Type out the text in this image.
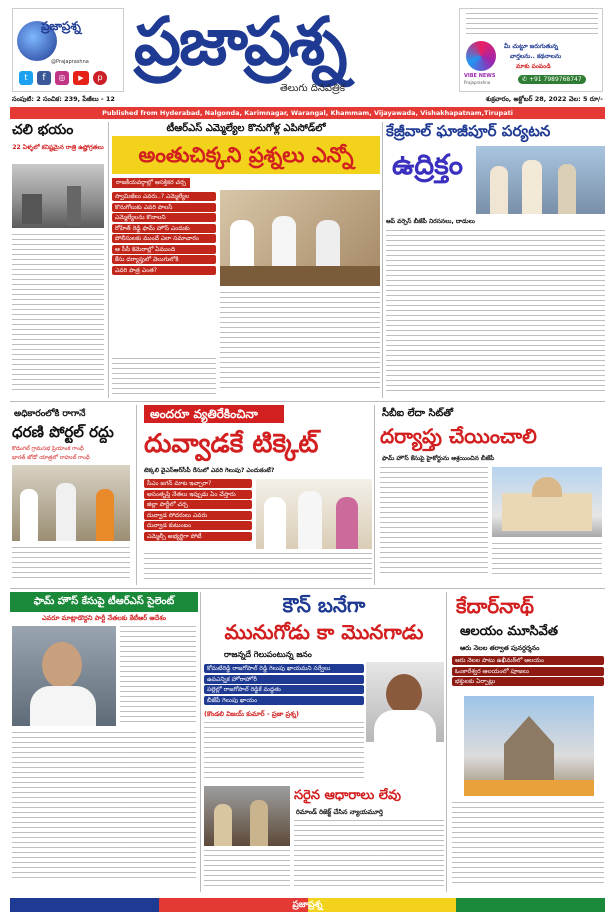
ప్రజాప్రశ్న
@Prajaprashna
t	f	◎	▶	p ప్రజాప్రశ్న
తెలుగు దినపత్రిక
VIBE NEWS
Prajaprashna
మీ చుట్టూ జరుగుతున్న
వార్తలను.. కథనాలను
మాకు పంపండి
✆ +91 7989768747
సంపుటి: 2 సంచిక: 239, పేజీలు - 12	శుక్రవారం, అక్టోబర్ 28, 2022 వెల: 5 రూ/-
Published from Hyderabad, Nalgonda, Karimnagar, Warangal, Khammam, Vijayawada, Vishakhapatnam,Tirupati
చలి భయం
22 ఏళ్ళలో కనిష్టమైన రాత్రి ఉష్ణోగ్రతలు
టీఆర్ఎస్ ఎమ్మెల్యేల కొనుగోళ్ల ఎపిసోడ్‌లో
అంతుచిక్కని ప్రశ్నలు ఎన్నో
రాజకీయవర్గాల్లో ఆసక్తికర చర్చ
స్వామిజీలు ఎవరు..? ఎమ్మెల్యేల
కొనుగోలుకు ఎవరి పాలసీ
ఎమ్మెల్యేలను కొనాలని
రోహిత్ రెడ్డి ఫామ్ హౌస్ ఎందుకు
పోలీసులకు ముందే ఎలా సమాచారం
ఆ సీసీ కెమెరాల్లో ఏముంది
కేసు దర్యాప్తులో వెలుగులోకి
ఎవరి పాత్ర ఎంత?
కేజ్రీవాల్ ఘాజీపూర్ పర్యటన
ఉద్రిక్తం
ఆప్ వర్సెస్ బీజేపీ నిరసనలు, దాడులు
అధికారంలోకి రాగానే
ధరణి పోర్టల్ రద్దు
కొడంగల్ గ్రామసభ ప్రియాంక గాంధీ
భారత్ జోడో యాత్రలో రాహుల్ గాంధీ
అందరూ వ్యతిరేకించినా
దువ్వాడకే టిక్కెట్
టెక్కలి వైఎస్ఆర్‌సీపీ రేసులో ఎవరి గెలుపు? ఎందుకంటే?
సీఎం జగన్ మాట ఇచ్చారా?
అసంతృప్తి నేతలు ఇప్పుడు ఏం చేస్తారు
జిల్లా పార్టీలో చర్చ
దువ్వాడ సోదరులు ఎవరు
దువ్వాడ కుటుంబం
ఎమ్మెల్సీ అభ్యర్థిగా పోటీ
సీబీఐ లేదా సిట్‌తో
దర్యాప్తు చేయించాలి
ఫామ్ హౌస్ కేసుపై హైకోర్టును ఆశ్రయించిన బీజేపీ
ఫామ్ హౌస్ కేసుపై టీఆర్ఎస్ సైలెంట్
ఎవరూ మాట్లాడొద్దని పార్టీ నేతలకు కేటీఆర్ ఆదేశం
కౌన్ బనేగా
మునుగోడు కా మొనగాడు
రాజన్నదే గెలుపంటున్న జనం
కోమటిరెడ్డి రాజగోపాల్ రెడ్డి గెలుపు ఖాయమని సర్వేలు
ఉపఎన్నిక హోరాహోరీ
పల్లెల్లో రాజగోపాల్ రెడ్డికే మద్దతు
బీజేపీ గెలుపు ఖాయం
(కొండలి విజయ్ కుమార్ - ప్రజా ప్రశ్న)
సరైన ఆధారాలు లేవు
రిమాండ్ రిజెక్ట్ చేసిన న్యాయమూర్తి
కేదార్‌నాథ్
ఆలయం మూసివేత
ఆరు నెలల తర్వాత పునర్దర్శనం
ఆరు నెలల పాటు ఉఖీమఠ్‌లో ఆలయం
ఓంకారేశ్వర ఆలయంలో పూజలు
భక్తులకు ఏర్పాట్లు
ప్రజాప్రశ్న
